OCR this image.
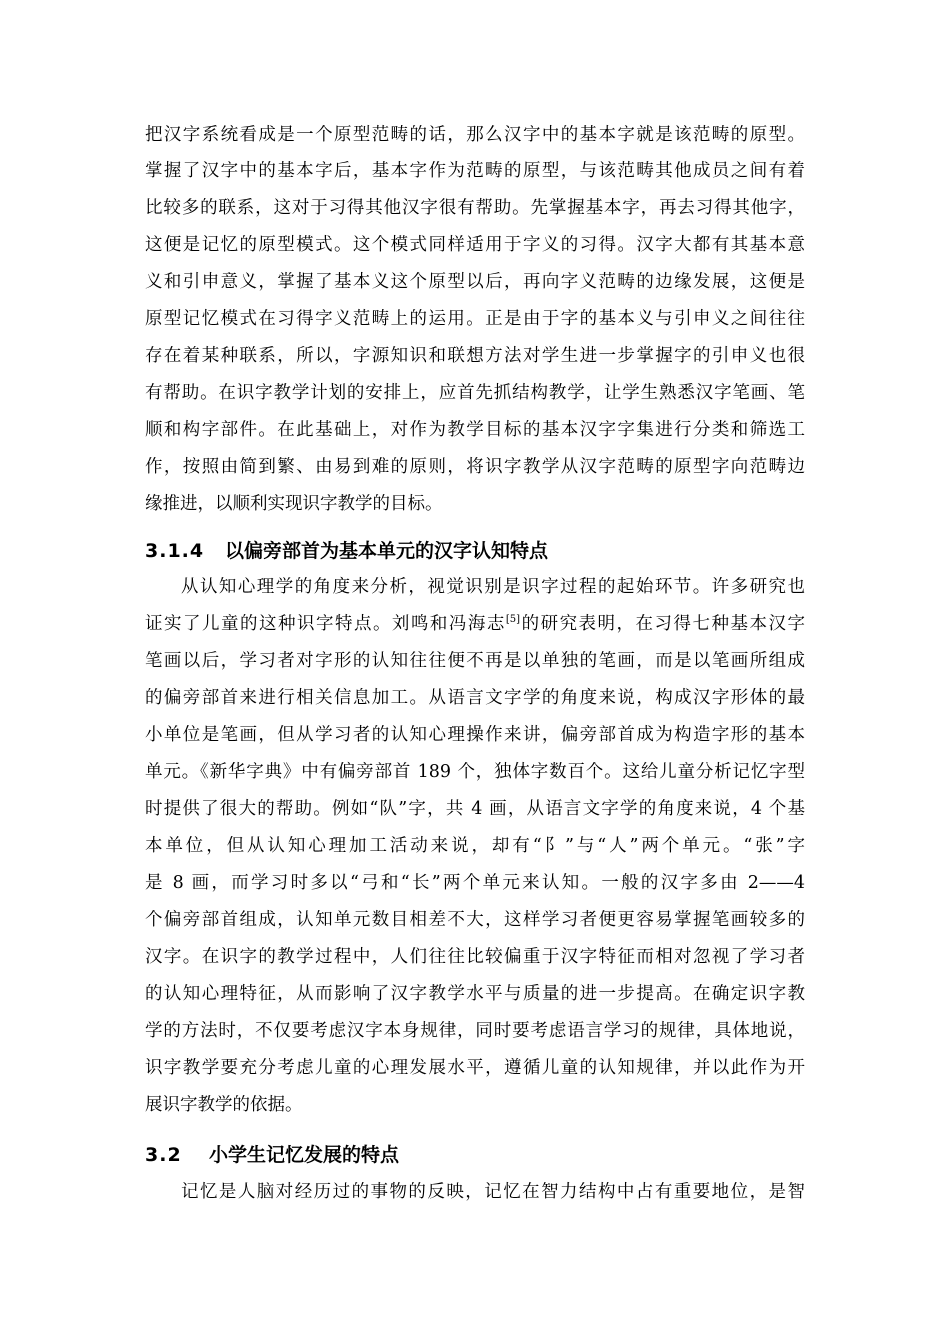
把汉字系统看成是一个原型范畴的话，那么汉字中的基本字就是该范畴的原型。
掌握了汉字中的基本字后，基本字作为范畴的原型，与该范畴其他成员之间有着
比较多的联系，这对于习得其他汉字很有帮助。先掌握基本字，再去习得其他字，
这便是记忆的原型模式。这个模式同样适用于字义的习得。汉字大都有其基本意
义和引申意义，掌握了基本义这个原型以后，再向字义范畴的边缘发展，这便是
原型记忆模式在习得字义范畴上的运用。正是由于字的基本义与引申义之间往往
存在着某种联系，所以，字源知识和联想方法对学生进一步掌握字的引申义也很
有帮助。在识字教学计划的安排上，应首先抓结构教学，让学生熟悉汉字笔画、笔
顺和构字部件。在此基础上，对作为教学目标的基本汉字字集进行分类和筛选工
作，按照由简到繁、由易到难的原则，将识字教学从汉字范畴的原型字向范畴边
缘推进，以顺利实现识字教学的目标。
3.1.4 以偏旁部首为基本单元的汉字认知特点
从认知心理学的角度来分析，视觉识别是识字过程的起始环节。许多研究也
证实了儿童的这种识字特点。刘鸣和冯海志[5]的研究表明，在习得七种基本汉字
笔画以后，学习者对字形的认知往往便不再是以单独的笔画，而是以笔画所组成
的偏旁部首来进行相关信息加工。从语言文字学的角度来说，构成汉字形体的最
小单位是笔画，但从学习者的认知心理操作来讲，偏旁部首成为构造字形的基本
单元。《新华字典》中有偏旁部首 189 个，独体字数百个。这给儿童分析记忆字型
时提供了很大的帮助。例如“队”字，共 4 画，从语言文字学的角度来说，4 个基
本单位，但从认知心理加工活动来说，却有“阝”与“人”两个单元。“张”字
是 8 画，而学习时多以“弓和“长”两个单元来认知。一般的汉字多由 2——4
个偏旁部首组成，认知单元数目相差不大，这样学习者便更容易掌握笔画较多的
汉字。在识字的教学过程中，人们往往比较偏重于汉字特征而相对忽视了学习者
的认知心理特征，从而影响了汉字教学水平与质量的进一步提高。在确定识字教
学的方法时，不仅要考虑汉字本身规律，同时要考虑语言学习的规律，具体地说，
识字教学要充分考虑儿童的心理发展水平，遵循儿童的认知规律，并以此作为开
展识字教学的依据。
3.2 小学生记忆发展的特点
记忆是人脑对经历过的事物的反映，记忆在智力结构中占有重要地位，是智
